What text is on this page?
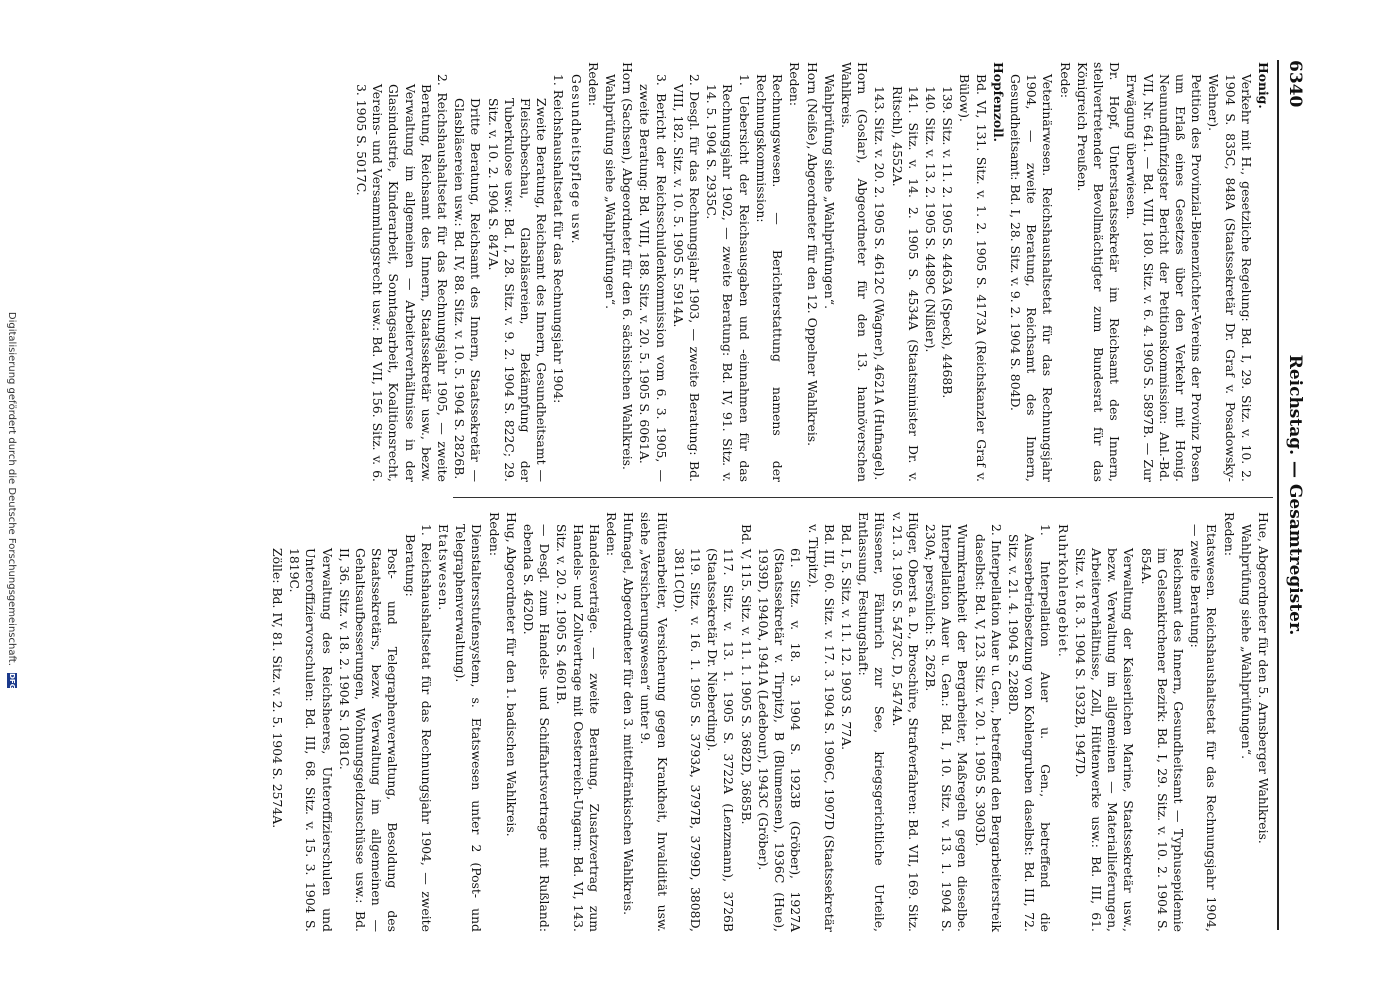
6340
Reichstag. — Gesamtregister.
Honig.
Verkehr mit H., gesetzliche Regelung: Bd. I, 29. Sitz. v. 10. 2. 1904 S. 835C, 848A (Staatssekretär Dr. Graf v. Posadowsky-Wehner).
Petition des Provinzial-Bienenzüchter-Vereins der Provinz Posen um Erlaß eines Gesetzes über den Verkehr mit Honig. Neunundfünfzigster Bericht der Petitionskommission: Anl.-Bd. VII, Nr. 641. — Bd. VIII, 180. Sitz. v. 6. 4. 1905 S. 5897B. — Zur Erwägung überwiesen.
Dr. Hopf, Unterstaatssekretär im Reichsamt des Innern, stellvertretender Bevollmächtigter zum Bundesrat für das Königreich Preußen.
Rede:
Veterinärwesen. Reichshaushaltsetat für das Rechnungsjahr 1904, — zweite Beratung, Reichsamt des Innern, Gesundheitsamt: Bd. I, 28. Sitz. v. 9. 2. 1904 S. 804D.
Hopfenzoll.
Bd. VI, 131. Sitz. v. 1. 2. 1905 S. 4173A (Reichskanzler Graf v. Bülow).
139. Sitz. v. 11. 2. 1905 S. 4463A (Speck), 4468B.
140. Sitz. v. 13. 2. 1905 S. 4489C (Nißler).
141. Sitz. v. 14. 2. 1905 S. 4534A (Staatsminister Dr. v. Ritschl), 4552A.
143. Sitz. v. 20. 2. 1905 S. 4612C (Wagner), 4621A (Hufnagel).
Horn (Goslar), Abgeordneter für den 13. hannöverschen Wahlkreis.
Wahlprüfung siehe „Wahlprüfungen“.
Horn (Neiße), Abgeordneter für den 12. Oppelner Wahlkreis.
Reden:
Rechnungswesen. — Berichterstattung namens der Rechnungskommission:
1. Uebersicht der Reichsausgaben und -einnahmen für das Rechnungsjahr 1902, — zweite Beratung: Bd. IV, 91. Sitz. v. 14. 5. 1904 S. 2935C.
2. Desgl. für das Rechnungsjahr 1903, — zweite Beratung: Bd. VIII, 182. Sitz. v. 10. 5. 1905 S. 5914A.
3. Bericht der Reichsschuldenkommission vom 6. 3. 1905, — zweite Beratung: Bd. VIII, 188. Sitz. v. 20. 5. 1905 S. 6061A.
Horn (Sachsen), Abgeordneter für den 6. sächsischen Wahlkreis.
Wahlprüfung siehe „Wahlprüfungen“.
Reden:
Gesundheitspflege usw.
1. Reichshaushaltsetat für das Rechnungsjahr 1904:
Zweite Beratung, Reichsamt des Innern, Gesundheitsamt — Fleischbeschau, Glasbläsereien, Bekämpfung der Tuberkulose usw.: Bd. I, 28. Sitz. v. 9. 2. 1904 S. 822C; 29. Sitz. v. 10. 2. 1904 S. 847A.
Dritte Beratung, Reichsamt des Innern, Staatssekretär — Glasbläsereien usw.: Bd. IV, 88. Sitz. v. 10. 5. 1904 S. 2826B.
2. Reichshaushaltsetat für das Rechnungsjahr 1905, — zweite Beratung, Reichsamt des Innern, Staatssekretär usw., bezw. Verwaltung im allgemeinen — Arbeiterverhältnisse in der Glasindustrie, Kinderarbeit, Sonntagsarbeit, Koalitionsrecht, Vereins- und Versammlungsrecht usw.: Bd. VII, 156. Sitz. v. 6. 3. 1905 S. 5017C.
Hue, Abgeordneter für den 5. Arnsberger Wahlkreis.
Wahlprüfung siehe „Wahlprüfungen“.
Reden:
Etatswesen. Reichshaushaltsetat für das Rechnungsjahr 1904, — zweite Beratung:
Reichsamt des Innern, Gesundheitsamt — Typhusepidemie im Gelsenkirchener Bezirk: Bd. I, 29. Sitz. v. 10. 2. 1904 S. 854A.
Verwaltung der Kaiserlichen Marine, Staatssekretär usw., bezw. Verwaltung im allgemeinen — Materiallieferungen, Arbeiterverhältnisse, Zoll, Hüttenwerke usw.: Bd. III, 61. Sitz. v. 18. 3. 1904 S. 1932B, 1947D.
Ruhrkohlengebiet.
1. Interpellation Auer u. Gen., betreffend die Ausserbetriebsetzung von Kohlengruben daselbst: Bd. III, 72. Sitz. v. 21. 4. 1904 S. 2288D.
2. Interpellation Auer u. Gen., betreffend den Bergarbeiterstreik daselbst: Bd. V, 123. Sitz. v. 20. 1. 1905 S. 3903D.
Wurmkrankheit der Bergarbeiter, Maßregeln gegen dieselbe. Interpellation Auer u. Gen.: Bd. I, 10. Sitz. v. 13. 1. 1904 S. 230A; persönlich: S. 262B.
Hüger, Oberst a. D., Broschüre, Strafverfahren: Bd. VII, 169. Sitz. v. 21. 3. 1905 S. 5473C, D, 5474A.
Hüssener, Fähnrich zur See, kriegsgerichtliche Urteile, Entlassung, Festungshaft:
Bd. I, 5. Sitz. v. 11. 12. 1903 S. 77A.
Bd. III, 60. Sitz. v. 17. 3. 1904 S. 1906C, 1907D (Staatssekretär v. Tirpitz).
61. Sitz. v. 18. 3. 1904 S. 1923B (Gröber), 1927A (Staatssekretär v. Tirpitz), B (Blumensen), 1936C (Hue), 1939D, 1940A, 1941A (Ledebour), 1943C (Gröber).
Bd. V, 115. Sitz. v. 11. 1. 1905 S. 3682D, 3685B.
117. Sitz. v. 13. 1. 1905 S. 3722A (Lenzmann), 3726B (Staatssekretär Dr. Nieberding).
119. Sitz. v. 16. 1. 1905 S. 3793A, 3797B, 3799D, 3808D, 3811C(D).
Hüttenarbeiter, Versicherung gegen Krankheit, Invalidität usw. siehe „Versicherungswesen“ unter 9.
Hufnagel, Abgeordneter für den 3. mittelfränkischen Wahlkreis.
Reden:
Handelsverträge. — zweite Beratung, Zusatzvertrag zum Handels- und Zollvertrage mit Oesterreich-Ungarn: Bd. VI, 143. Sitz. v. 20. 2. 1905 S. 4601B.
— Desgl. zum Handels- und Schiffahrtsvertrage mit Rußland: ebenda S. 4620D.
Hug, Abgeordneter für den 1. badischen Wahlkreis.
Reden:
Dienstaltersstufensystem, s. Etatswesen unter 2 (Post- und Telegraphenverwaltung).
Etatswesen.
1. Reichshaushaltsetat für das Rechnungsjahr 1904, — zweite Beratung:
Post- und Telegraphenverwaltung, Besoldung des Staatssekretärs, bezw. Verwaltung im allgemeinen — Gehaltsaufbesserungen, Wohnungsgeldzuschüsse usw.: Bd. II, 36. Sitz. v. 18. 2. 1904 S. 1081C.
Verwaltung des Reichsheeres, Unteroffizierschulen und Unteroffiziervorschulen: Bd. III, 68. Sitz. v. 15. 3. 1904 S. 1819C.
Zölle: Bd. IV, 81. Sitz. v. 2. 5. 1904 S. 2574A.
Digitalisierung gefördert durch die Deutsche Forschungsgemeinschaft. DFG
